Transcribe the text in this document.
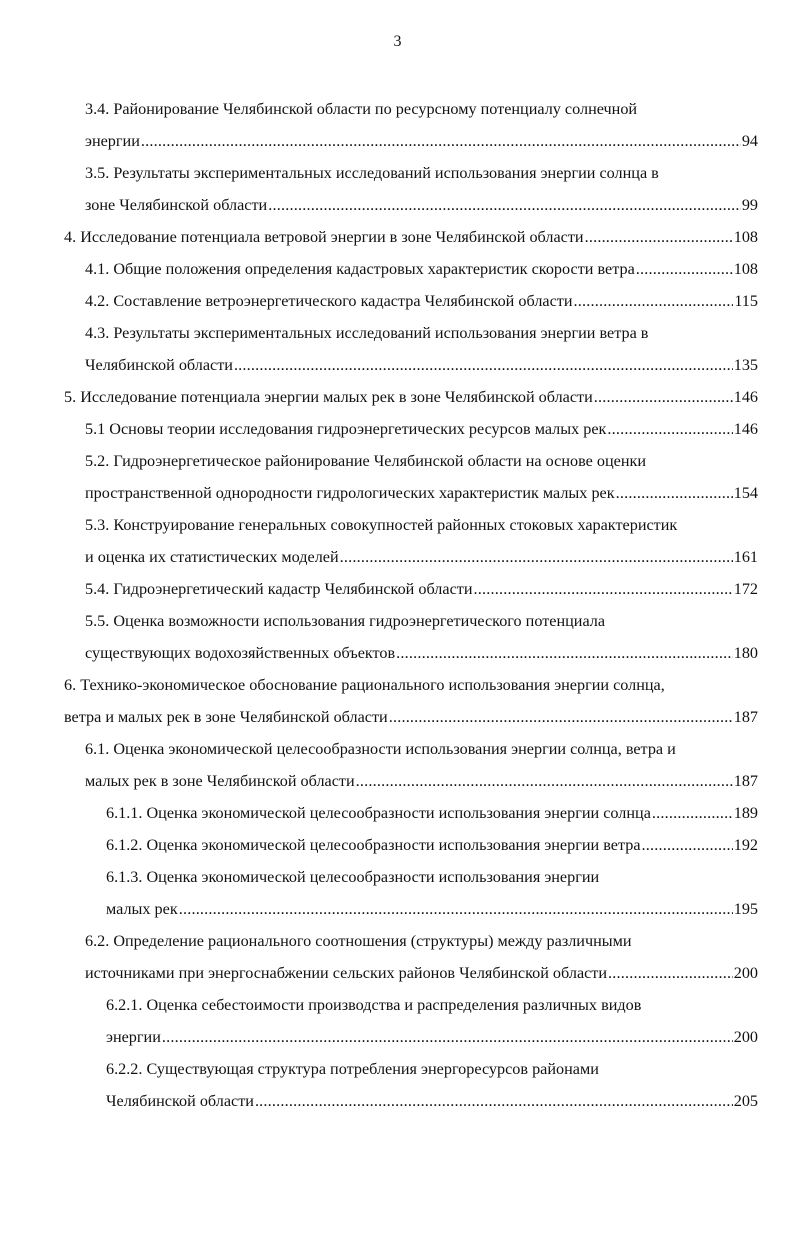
3
3.4. Районирование Челябинской области по ресурсному потенциалу солнечной
энергии .....	94
3.5. Результаты экспериментальных исследований использования энергии солнца в
зоне Челябинской области .....	99
4. Исследование потенциала ветровой энергии в зоне Челябинской области .....	108
4.1. Общие положения определения кадастровых характеристик скорости ветра .....	108
4.2. Составление ветроэнергетического кадастра Челябинской области .....	115
4.3. Результаты экспериментальных исследований использования энергии ветра в
Челябинской области .....	135
5. Исследование потенциала энергии малых рек в зоне Челябинской области .....	146
5.1 Основы теории исследования гидроэнергетических ресурсов малых рек .....	146
5.2. Гидроэнергетическое районирование Челябинской области на основе оценки
пространственной однородности гидрологических характеристик малых рек .....	154
5.3. Конструирование генеральных совокупностей районных стоковых характеристик
и оценка их статистических моделей .....	161
5.4. Гидроэнергетический кадастр Челябинской области .....	172
5.5. Оценка возможности использования гидроэнергетического потенциала
существующих водохозяйственных объектов .....	180
6. Технико-экономическое обоснование рационального использования энергии солнца,
ветра и малых рек в зоне Челябинской области .....	187
6.1. Оценка экономической целесообразности использования энергии солнца, ветра и
малых рек в зоне Челябинской области .....	187
6.1.1. Оценка экономической целесообразности использования энергии солнца .....	189
6.1.2. Оценка экономической целесообразности использования энергии ветра .....	192
6.1.3. Оценка экономической целесообразности использования энергии
малых рек .....	195
6.2. Определение рационального соотношения (структуры) между различными
источниками при энергоснабжении сельских районов Челябинской области .....	200
6.2.1. Оценка себестоимости производства и распределения различных видов
энергии .....	200
6.2.2. Существующая структура потребления энергоресурсов районами
Челябинской области .....	205
